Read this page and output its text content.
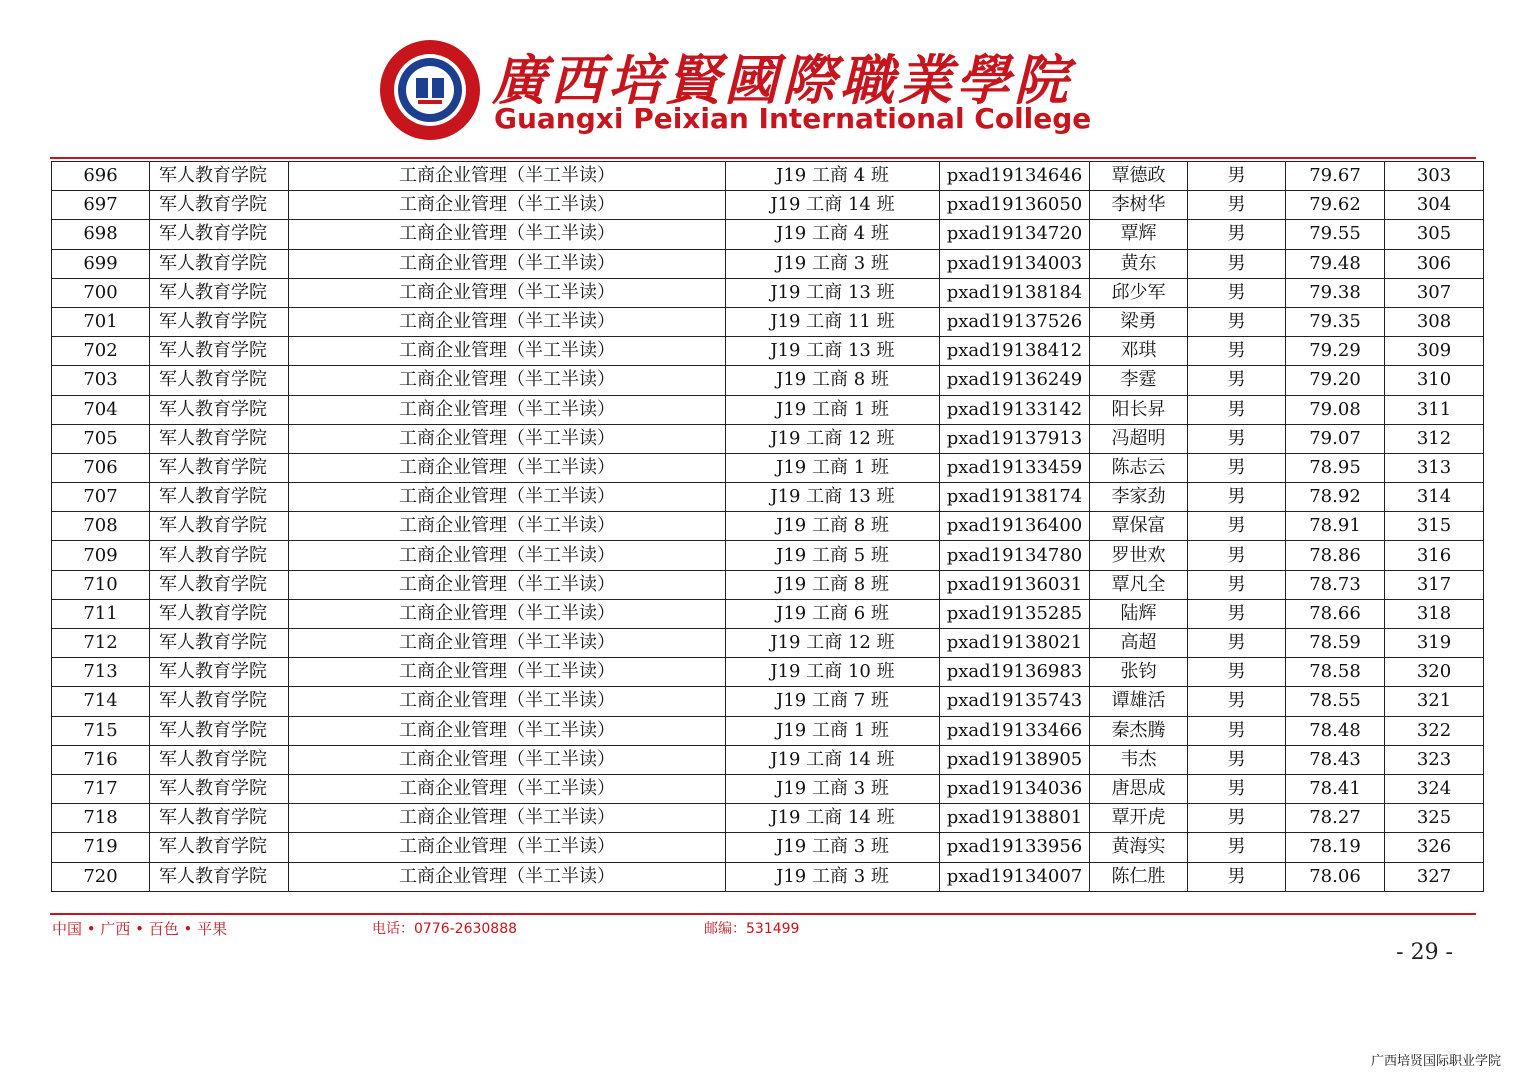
廣西培賢國際職業學院
Guangxi Peixian International College
696	军人教育学院	工商企业管理（半工半读）	J19 工商 4 班	pxad19134646	覃德政	男	79.67	303
697	军人教育学院	工商企业管理（半工半读）	J19 工商 14 班	pxad19136050	李树华	男	79.62	304
698	军人教育学院	工商企业管理（半工半读）	J19 工商 4 班	pxad19134720	覃辉	男	79.55	305
699	军人教育学院	工商企业管理（半工半读）	J19 工商 3 班	pxad19134003	黄东	男	79.48	306
700	军人教育学院	工商企业管理（半工半读）	J19 工商 13 班	pxad19138184	邱少军	男	79.38	307
701	军人教育学院	工商企业管理（半工半读）	J19 工商 11 班	pxad19137526	梁勇	男	79.35	308
702	军人教育学院	工商企业管理（半工半读）	J19 工商 13 班	pxad19138412	邓琪	男	79.29	309
703	军人教育学院	工商企业管理（半工半读）	J19 工商 8 班	pxad19136249	李霆	男	79.20	310
704	军人教育学院	工商企业管理（半工半读）	J19 工商 1 班	pxad19133142	阳长昇	男	79.08	311
705	军人教育学院	工商企业管理（半工半读）	J19 工商 12 班	pxad19137913	冯超明	男	79.07	312
706	军人教育学院	工商企业管理（半工半读）	J19 工商 1 班	pxad19133459	陈志云	男	78.95	313
707	军人教育学院	工商企业管理（半工半读）	J19 工商 13 班	pxad19138174	李家劲	男	78.92	314
708	军人教育学院	工商企业管理（半工半读）	J19 工商 8 班	pxad19136400	覃保富	男	78.91	315
709	军人教育学院	工商企业管理（半工半读）	J19 工商 5 班	pxad19134780	罗世欢	男	78.86	316
710	军人教育学院	工商企业管理（半工半读）	J19 工商 8 班	pxad19136031	覃凡全	男	78.73	317
711	军人教育学院	工商企业管理（半工半读）	J19 工商 6 班	pxad19135285	陆辉	男	78.66	318
712	军人教育学院	工商企业管理（半工半读）	J19 工商 12 班	pxad19138021	高超	男	78.59	319
713	军人教育学院	工商企业管理（半工半读）	J19 工商 10 班	pxad19136983	张钧	男	78.58	320
714	军人教育学院	工商企业管理（半工半读）	J19 工商 7 班	pxad19135743	谭雄活	男	78.55	321
715	军人教育学院	工商企业管理（半工半读）	J19 工商 1 班	pxad19133466	秦杰腾	男	78.48	322
716	军人教育学院	工商企业管理（半工半读）	J19 工商 14 班	pxad19138905	韦杰	男	78.43	323
717	军人教育学院	工商企业管理（半工半读）	J19 工商 3 班	pxad19134036	唐思成	男	78.41	324
718	军人教育学院	工商企业管理（半工半读）	J19 工商 14 班	pxad19138801	覃开虎	男	78.27	325
719	军人教育学院	工商企业管理（半工半读）	J19 工商 3 班	pxad19133956	黄海实	男	78.19	326
720	军人教育学院	工商企业管理（半工半读）	J19 工商 3 班	pxad19134007	陈仁胜	男	78.06	327
中国 • 广西 • 百色 • 平果	电话：0776-2630888	邮编：531499
- 29 -
广西培贤国际职业学院
